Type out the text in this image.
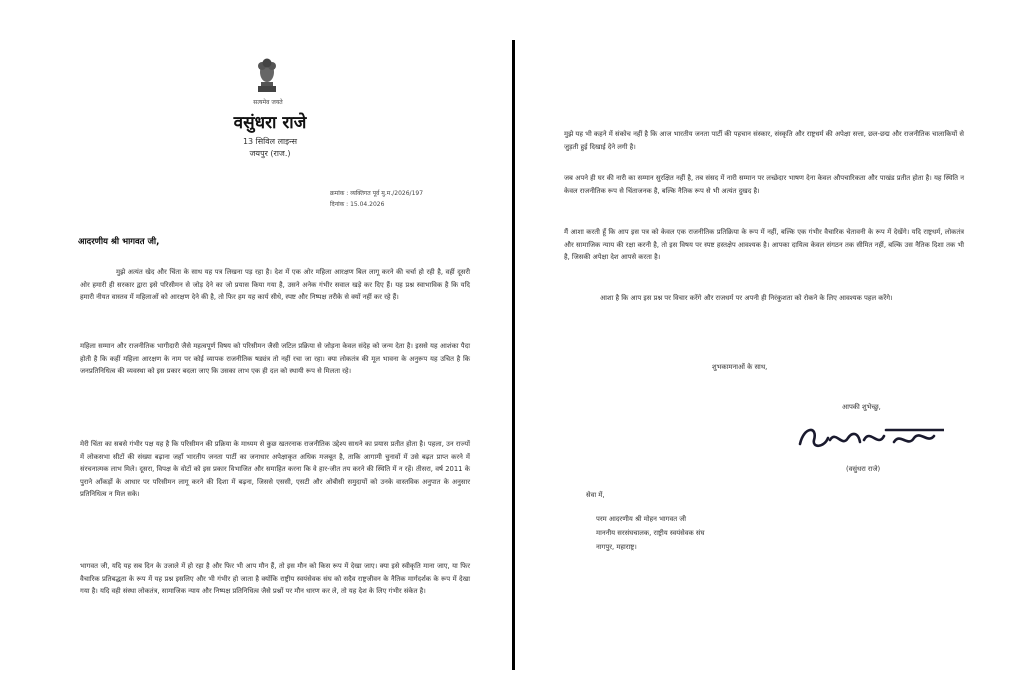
सत्यमेव जयते
वसुंधरा राजे
13 सिविल लाइन्स
जयपुर (राज.)
क्रमांक : व्यक्तिगत पूर्व मु.म./2026/197
दिनांक : 15.04.2026
आदरणीय श्री भागवत जी,

मुझे अत्यंत खेद और चिंता के साथ यह पत्र लिखना पड़ रहा है। देश में एक ओर महिला आरक्षण बिल लागू करने की चर्चा हो रही है, वहीं दूसरी ओर हमारी ही सरकार द्वारा इसे परिसीमन से जोड़ देने का जो प्रयास किया गया है, उसने अनेक गंभीर सवाल खड़े कर दिए हैं। यह प्रश्न स्वाभाविक है कि यदि हमारी नीयत वास्तव में महिलाओं को आरक्षण देने की है, तो फिर हम यह कार्य सीधे, स्पष्ट और निष्पक्ष तरीके से क्यों नहीं कर रहे हैं।

महिला सम्मान और राजनीतिक भागीदारी जैसे महत्वपूर्ण विषय को परिसीमन जैसी जटिल प्रक्रिया से जोड़ना केवल संदेह को जन्म देता है। इससे यह आशंका पैदा होती है कि कहीं महिला आरक्षण के नाम पर कोई व्यापक राजनीतिक षड्यंत्र तो नहीं रचा जा रहा। क्या लोकतंत्र की मूल भावना के अनुरूप यह उचित है कि जनप्रतिनिधित्व की व्यवस्था को इस प्रकार बदला जाए कि उसका लाभ एक ही दल को स्थायी रूप से मिलता रहे।

मेरी चिंता का सबसे गंभीर पक्ष यह है कि परिसीमन की प्रक्रिया के माध्यम से कुछ खतरनाक राजनीतिक उद्देश्य साधने का प्रयास प्रतीत होता है। पहला, उन राज्यों में लोकसभा सीटों की संख्या बढ़ाना जहाँ भारतीय जनता पार्टी का जनाधार अपेक्षाकृत अधिक मजबूत है, ताकि आगामी चुनावों में उसे बढ़त प्राप्त करने में संरचनात्मक लाभ मिले। दूसरा, विपक्ष के वोटों को इस प्रकार विभाजित और समाहित करना कि वे हार-जीत तय करने की स्थिति में न रहें। तीसरा, वर्ष 2011 के पुराने आँकड़ों के आधार पर परिसीमन लागू करने की दिशा में बढ़ना, जिससे एससी, एसटी और ओबीसी समुदायों को उनके वास्तविक अनुपात के अनुसार प्रतिनिधित्व न मिल सके।

भागवत जी, यदि यह सब दिन के उजाले में हो रहा है और फिर भी आप मौन हैं, तो इस मौन को किस रूप में देखा जाए। क्या इसे स्वीकृति माना जाए, या फिर वैचारिक प्रतिबद्धता के रूप में यह प्रश्न इसलिए और भी गंभीर हो जाता है क्योंकि राष्ट्रीय स्वयंसेवक संघ को सदैव राष्ट्रजीवन के नैतिक मार्गदर्शक के रूप में देखा गया है। यदि वही संस्था लोकतंत्र, सामाजिक न्याय और निष्पक्ष प्रतिनिधित्व जैसे प्रश्नों पर मौन धारण कर ले, तो यह देश के लिए गंभीर संकेत है।

मुझे यह भी कहने में संकोच नहीं है कि आज भारतीय जनता पार्टी की पहचान संस्कार, संस्कृति और राष्ट्रधर्म की अपेक्षा सत्ता, छल-छद्म और राजनीतिक चालाकियों से जुड़ती हुई दिखाई देने लगी है।

जब अपने ही घर की नारी का सम्मान सुरक्षित नहीं है, तब संसद में नारी सम्मान पर लच्छेदार भाषण देना केवल औपचारिकता और पाखंड प्रतीत होता है। यह स्थिति न केवल राजनीतिक रूप से चिंताजनक है, बल्कि नैतिक रूप से भी अत्यंत दुखद है।

मैं आशा करती हूँ कि आप इस पत्र को केवल एक राजनीतिक प्रतिक्रिया के रूप में नहीं, बल्कि एक गंभीर वैचारिक चेतावनी के रूप में देखेंगे। यदि राष्ट्रधर्म, लोकतंत्र और सामाजिक न्याय की रक्षा करनी है, तो इस विषय पर स्पष्ट हस्तक्षेप आवश्यक है। आपका दायित्व केवल संगठन तक सीमित नहीं, बल्कि उस नैतिक दिशा तक भी है, जिसकी अपेक्षा देश आपसे करता है।

आशा है कि आप इस प्रश्न पर विचार करेंगे और राजधर्म पर अपनी ही निरंकुशता को रोकने के लिए आवश्यक पहल करेंगे।

शुभकामनाओं के साथ,
आपकी शुभेच्छु,
(वसुंधरा राजे)
सेवा में,
परम आदरणीय श्री मोहन भागवत जी
माननीय सरसंघचालक, राष्ट्रीय स्वयंसेवक संघ
नागपुर, महाराष्ट्र।
